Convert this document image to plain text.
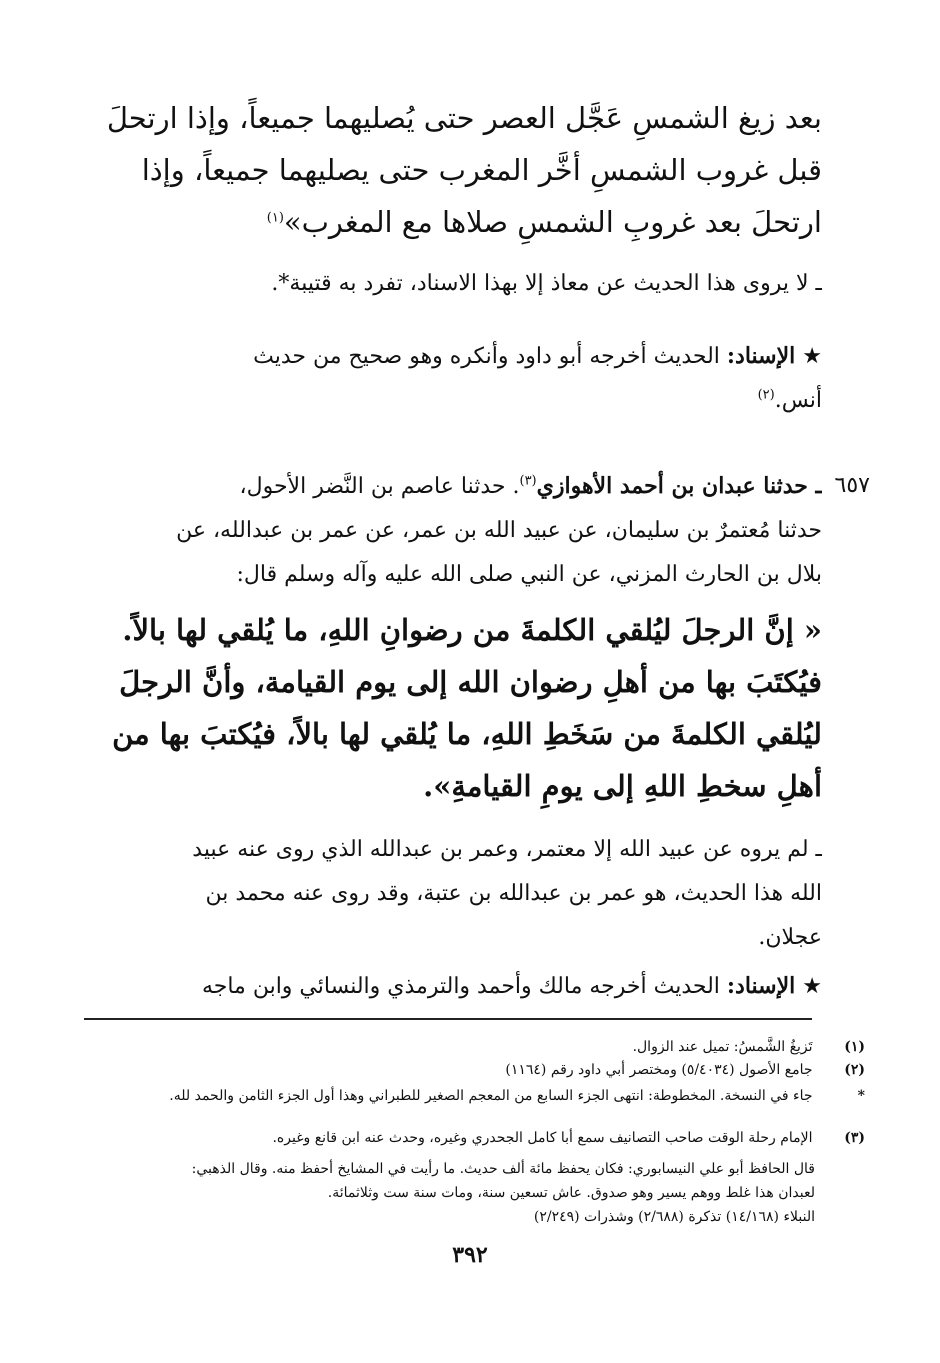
بعد زيغ الشمسِ عَجَّل العصر حتى يُصليهما جميعاً، وإذا ارتحلَ
قبل غروب الشمسِ أخَّر المغرب حتى يصليهما جميعاً، وإذا
ارتحلَ بعد غروبِ الشمسِ صلاها مع المغرب»$^{(١)}$
ـ لا يروى هذا الحديث عن معاذ إلا بهذا الاسناد، تفرد به قتيبة*.
★ الإسناد: الحديث أخرجه أبو داود وأنكره وهو صحيح من حديث
أنس.$^{(٢)}$
٦٥٧
ـ حدثنا عبدان بن أحمد الأهوازي$^{(٣)}$. حدثنا عاصم بن النَّضر الأحول،
حدثنا مُعتمرٌ بن سليمان، عن عبيد الله بن عمر، عن عمر بن عبدالله، عن
بلال بن الحارث المزني، عن النبي صلى الله عليه وآله وسلم قال:
« إنَّ الرجلَ ليُلقي الكلمةَ من رضوانِ اللهِ، ما يُلقي لها بالاً.
فيُكتَبَ بها من أهلِ رضوان الله إلى يوم القيامة، وأنَّ الرجلَ
ليُلقي الكلمةَ من سَخَطِ اللهِ، ما يُلقي لها بالاً، فيُكتبَ بها من
أهلِ سخطِ اللهِ إلى يومِ القيامةِ».
ـ لم يروه عن عبيد الله إلا معتمر، وعمر بن عبدالله الذي روى عنه عبيد
الله هذا الحديث، هو عمر بن عبدالله بن عتبة، وقد روى عنه محمد بن
عجلان.
★ الإسناد: الحديث أخرجه مالك وأحمد والترمذي والنسائي وابن ماجه
(١) تَزيغُ الشَّمسُ: تميل عند الزوال.
(٢) جامع الأصول (٥/٤٠٣٤) ومختصر أبي داود رقم (١١٦٤)
* جاء في النسخة. المخطوطة: انتهى الجزء السابع من المعجم الصغير للطبراني وهذا أول الجزء الثامن والحمد لله.
(٣) الإمام رحلة الوقت صاحب التصانيف سمع أبا كامل الجحدري وغيره، وحدث عنه ابن قانع وغيره.
قال الحافظ أبو علي النيسابوري: فكان يحفظ مائة ألف حديث. ما رأيت في المشايخ أحفظ منه. وقال الذهبي:
لعبدان هذا غلط ووهم يسير وهو صدوق. عاش تسعين سنة، ومات سنة ست وثلاثمائة.
النبلاء (١٤/١٦٨) تذكرة (٢/٦٨٨) وشذرات (٢/٢٤٩)
٣٩٢
